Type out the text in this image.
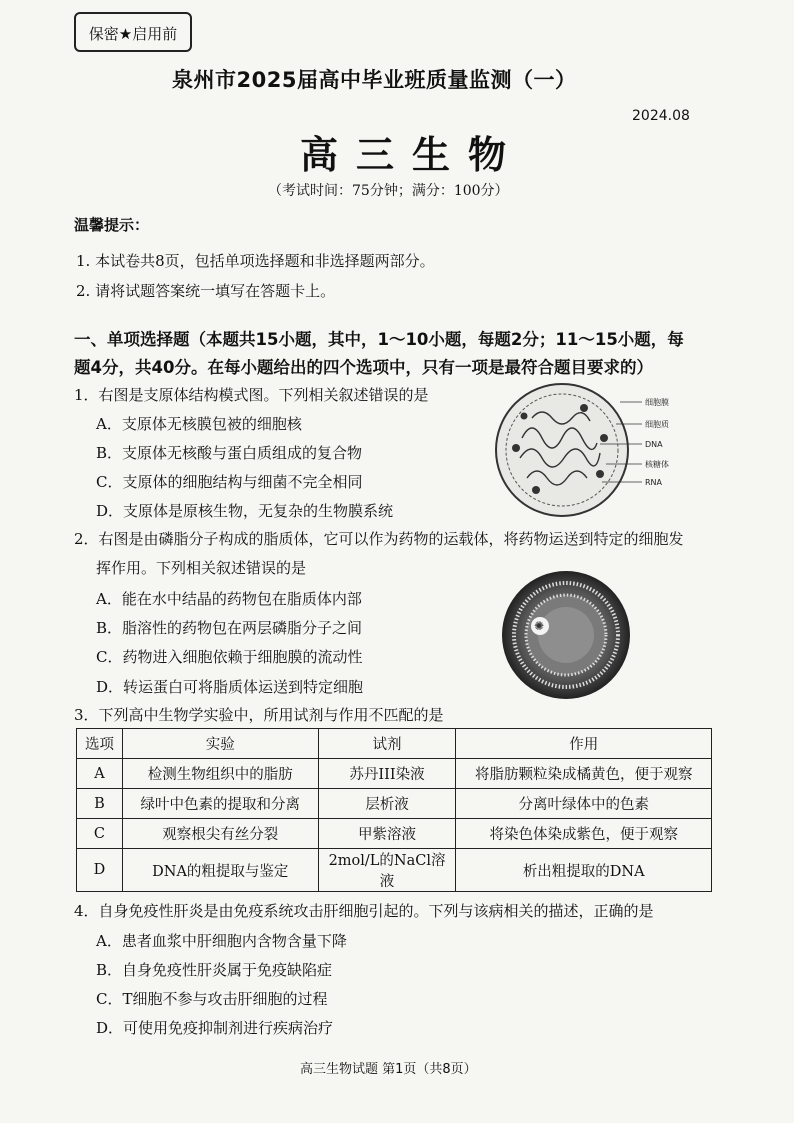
保密★启用前
泉州市2025届高中毕业班质量监测（一）
2024.08
高三生物
（考试时间：75分钟；满分：100分）
温馨提示：
1. 本试卷共8页，包括单项选择题和非选择题两部分。
2. 请将试题答案统一填写在答题卡上。
一、单项选择题（本题共15小题，其中，1～10小题，每题2分；11～15小题，每
题4分，共40分。在每小题给出的四个选项中，只有一项是最符合题目要求的）
1．右图是支原体结构模式图。下列相关叙述错误的是
A．支原体无核膜包被的细胞核
B．支原体无核酸与蛋白质组成的复合物
C．支原体的细胞结构与细菌不完全相同
D．支原体是原核生物，无复杂的生物膜系统
细胞膜
细胞质
DNA
核糖体
RNA
2．右图是由磷脂分子构成的脂质体，它可以作为药物的运载体，将药物运送到特定的细胞发
挥作用。下列相关叙述错误的是
A．能在水中结晶的药物包在脂质体内部
B．脂溶性的药物包在两层磷脂分子之间
C．药物进入细胞依赖于细胞膜的流动性
D．转运蛋白可将脂质体运送到特定细胞
✺
3．下列高中生物学实验中，所用试剂与作用不匹配的是
选项	实验	试剂	作用
A	检测生物组织中的脂肪	苏丹III染液	将脂肪颗粒染成橘黄色，便于观察
B	绿叶中色素的提取和分离	层析液	分离叶绿体中的色素
C	观察根尖有丝分裂	甲紫溶液	将染色体染成紫色，便于观察
D	DNA的粗提取与鉴定	2mol/L的NaCl溶液	析出粗提取的DNA
4．自身免疫性肝炎是由免疫系统攻击肝细胞引起的。下列与该病相关的描述，正确的是
A．患者血浆中肝细胞内含物含量下降
B．自身免疫性肝炎属于免疫缺陷症
C．T细胞不参与攻击肝细胞的过程
D．可使用免疫抑制剂进行疾病治疗
高三生物试题 第1页（共8页）
